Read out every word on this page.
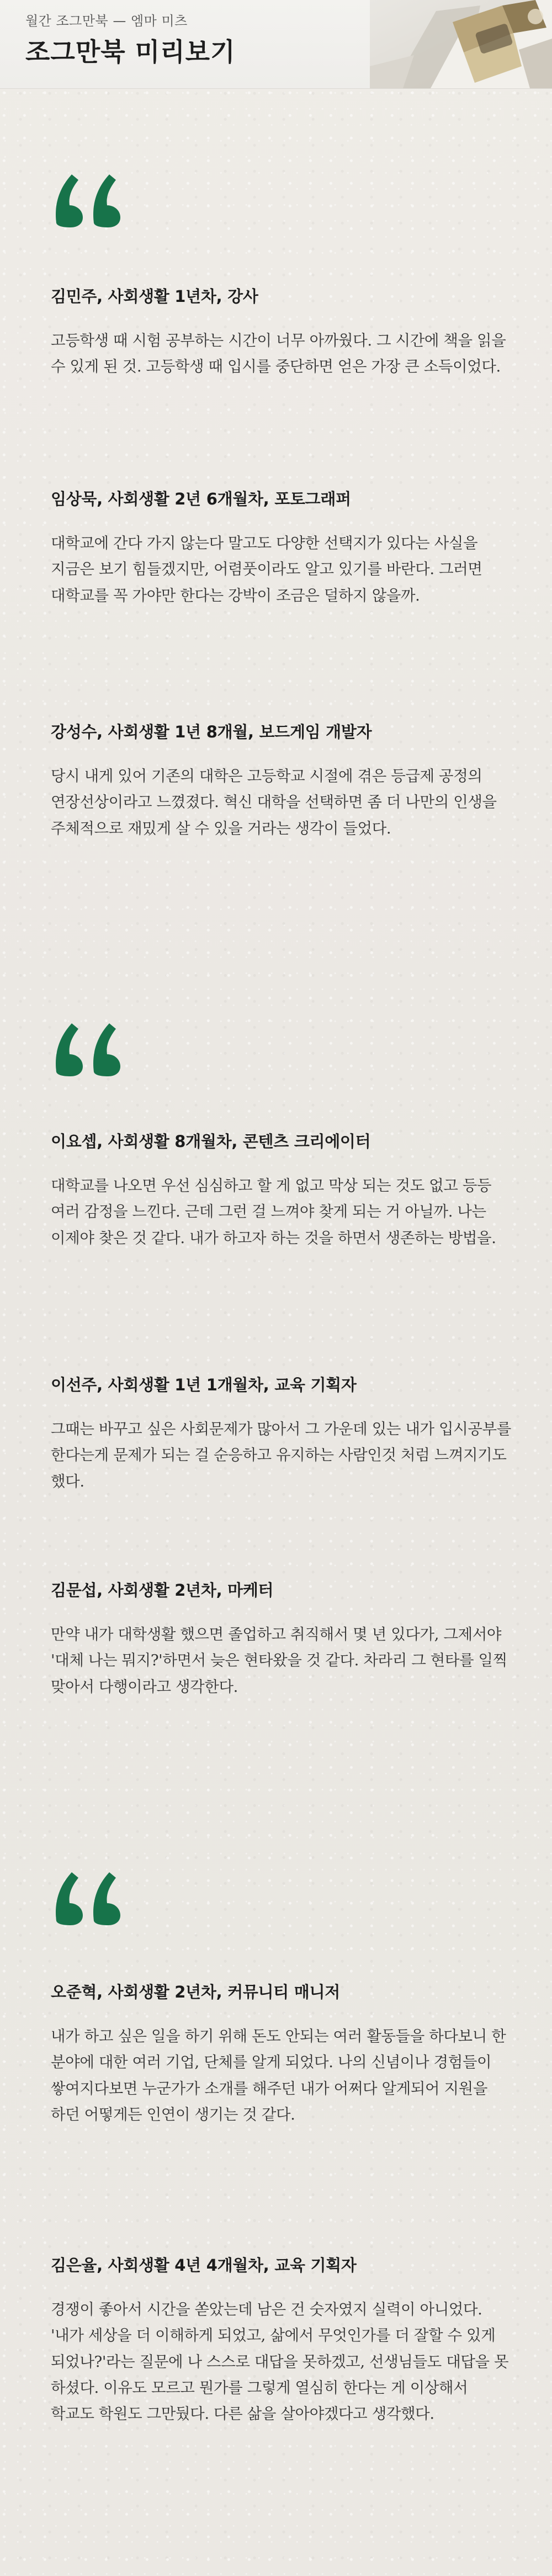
월간 조그만북 — 엠마 미츠
조그만북 미리보기
김민주, 사회생활 1년차, 강사

고등학생 때 시험 공부하는 시간이 너무 아까웠다. 그 시간에 책을 읽을 수 있게 된 것. 고등학생 때 입시를 중단하면 얻은 가장 큰 소득이었다.

임상묵, 사회생활 2년 6개월차, 포토그래퍼

대학교에 간다 가지 않는다 말고도 다양한 선택지가 있다는 사실을 지금은 보기 힘들겠지만, 어렴풋이라도 알고 있기를 바란다. 그러면 대학교를 꼭 가야만 한다는 강박이 조금은 덜하지 않을까.

강성수, 사회생활 1년 8개월, 보드게임 개발자

당시 내게 있어 기존의 대학은 고등학교 시절에 겪은 등급제 공정의 연장선상이라고 느꼈졌다. 혁신 대학을 선택하면 좀 더 나만의 인생을 주체적으로 재밌게 살 수 있을 거라는 생각이 들었다.

이요셉, 사회생활 8개월차, 콘텐츠 크리에이터

대학교를 나오면 우선 심심하고 할 게 없고 막상 되는 것도 없고 등등 여러 감정을 느낀다. 근데 그런 걸 느껴야 찾게 되는 거 아닐까. 나는 이제야 찾은 것 같다. 내가 하고자 하는 것을 하면서 생존하는 방법을.

이선주, 사회생활 1년 1개월차, 교육 기획자

그때는 바꾸고 싶은 사회문제가 많아서 그 가운데 있는 내가 입시공부를 한다는게 문제가 되는 걸 순응하고 유지하는 사람인것 처럼 느껴지기도 했다.

김문섭, 사회생활 2년차, 마케터

만약 내가 대학생활 했으면 졸업하고 취직해서 몇 년 있다가, 그제서야 '대체 나는 뭐지?'하면서 늦은 현타왔을 것 같다. 차라리 그 현타를 일찍 맞아서 다행이라고 생각한다.

오준혁, 사회생활 2년차, 커뮤니티 매니저

내가 하고 싶은 일을 하기 위해 돈도 안되는 여러 활동들을 하다보니 한 분야에 대한 여러 기업, 단체를 알게 되었다. 나의 신념이나 경험들이 쌓여지다보면 누군가가 소개를 해주던 내가 어쩌다 알게되어 지원을 하던 어떻게든 인연이 생기는 것 같다.

김은율, 사회생활 4년 4개월차, 교육 기획자

경쟁이 좋아서 시간을 쏟았는데 남은 건 숫자였지 실력이 아니었다. '내가 세상을 더 이해하게 되었고, 삶에서 무엇인가를 더 잘할 수 있게 되었나?'라는 질문에 나 스스로 대답을 못하겠고, 선생님들도 대답을 못 하셨다. 이유도 모르고 뭔가를 그렇게 열심히 한다는 게 이상해서 학교도 학원도 그만뒀다. 다른 삶을 살아야겠다고 생각했다.
